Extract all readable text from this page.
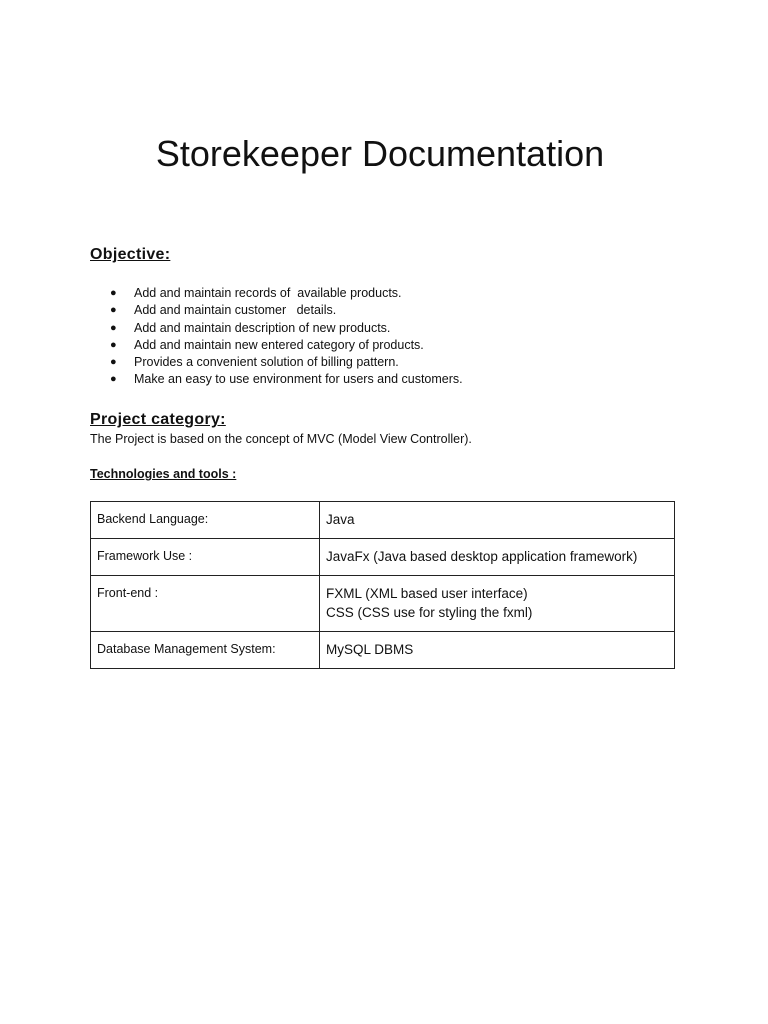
Storekeeper Documentation
Objective:
● Add and maintain records of  available products.
● Add and maintain customer   details.
● Add and maintain description of new products.
● Add and maintain new entered category of products.
● Provides a convenient solution of billing pattern.
● Make an easy to use environment for users and customers.
Project category:

The Project is based on the concept of MVC (Model View Controller).

Technologies and tools :
Backend Language:	Java

Framework Use :	JavaFx (Java based desktop application framework)

Front-end :	FXML (XML based user interface)
CSS (CSS use for styling the fxml)

Database Management System:	MySQL DBMS
